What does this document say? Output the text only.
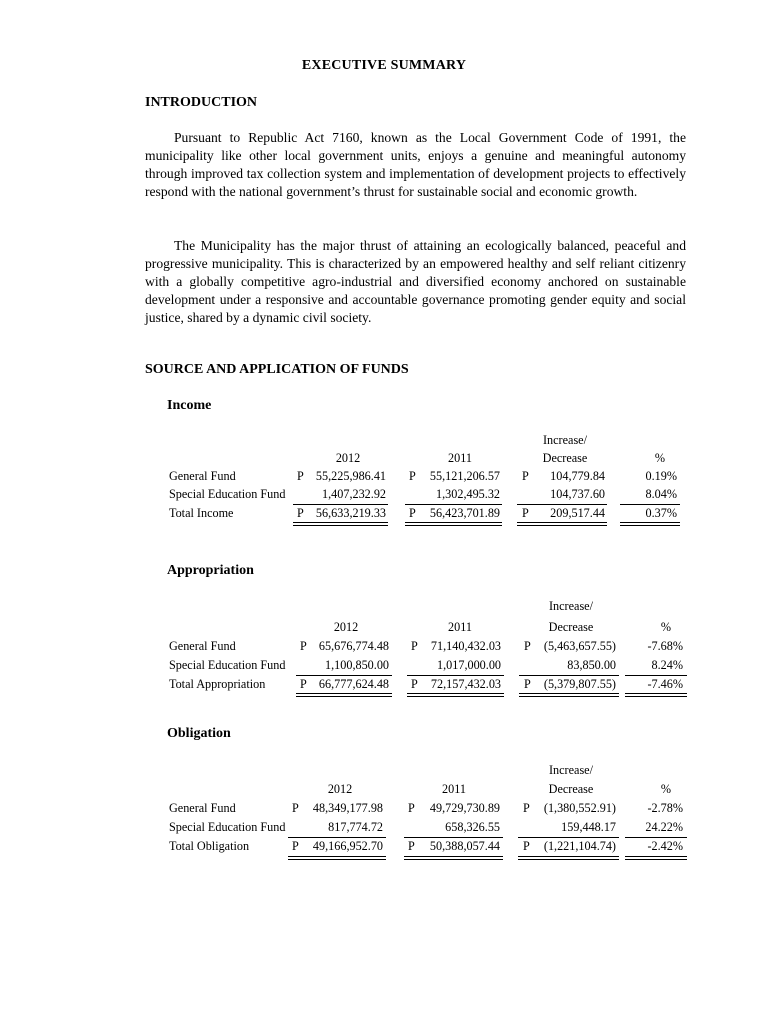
EXECUTIVE SUMMARY
INTRODUCTION

Pursuant to Republic Act 7160, known as the Local Government Code of 1991, the municipality like other local government units, enjoys a genuine and meaningful autonomy through improved tax collection system and implementation of development projects to effectively respond with the national government’s thrust for sustainable social and economic growth.

The Municipality has the major thrust of attaining an ecologically balanced, peaceful and progressive municipality. This is characterized by an empowered healthy and self reliant citizenry with a globally competitive agro-industrial and diversified economy anchored on sustainable development under a responsive and accountable governance promoting gender equity and social justice, shared by a dynamic civil society.

SOURCE AND APPLICATION OF FUNDS
Income
Increase/
2012	2011	Decrease	%
General Fund	P 55,225,986.41 P	55,121,206.57 P	104,779.84	0.19%
Special Education Fund	1,407,232.92	1,302,495.32	104,737.60	8.04%
Total Income	P 56,633,219.33 P	56,423,701.89 P	209,517.44	0.37%
Appropriation
Increase/
2012	2011	Decrease	%
General Fund	P 65,676,774.48 P	71,140,432.03 P	(5,463,657.55)	-7.68%
Special Education Fund	1,100,850.00	1,017,000.00	83,850.00	8.24%
Total Appropriation	P 66,777,624.48 P	72,157,432.03 P	(5,379,807.55)	-7.46%
Obligation
Increase/
2012	2011	Decrease	%
General Fund	P	48,349,177.98 P	49,729,730.89 P	(1,380,552.91)	-2.78%
Special Education Fund	817,774.72	658,326.55	159,448.17	24.22%
Total Obligation	P	49,166,952.70 P	50,388,057.44 P	(1,221,104.74)	-2.42%
